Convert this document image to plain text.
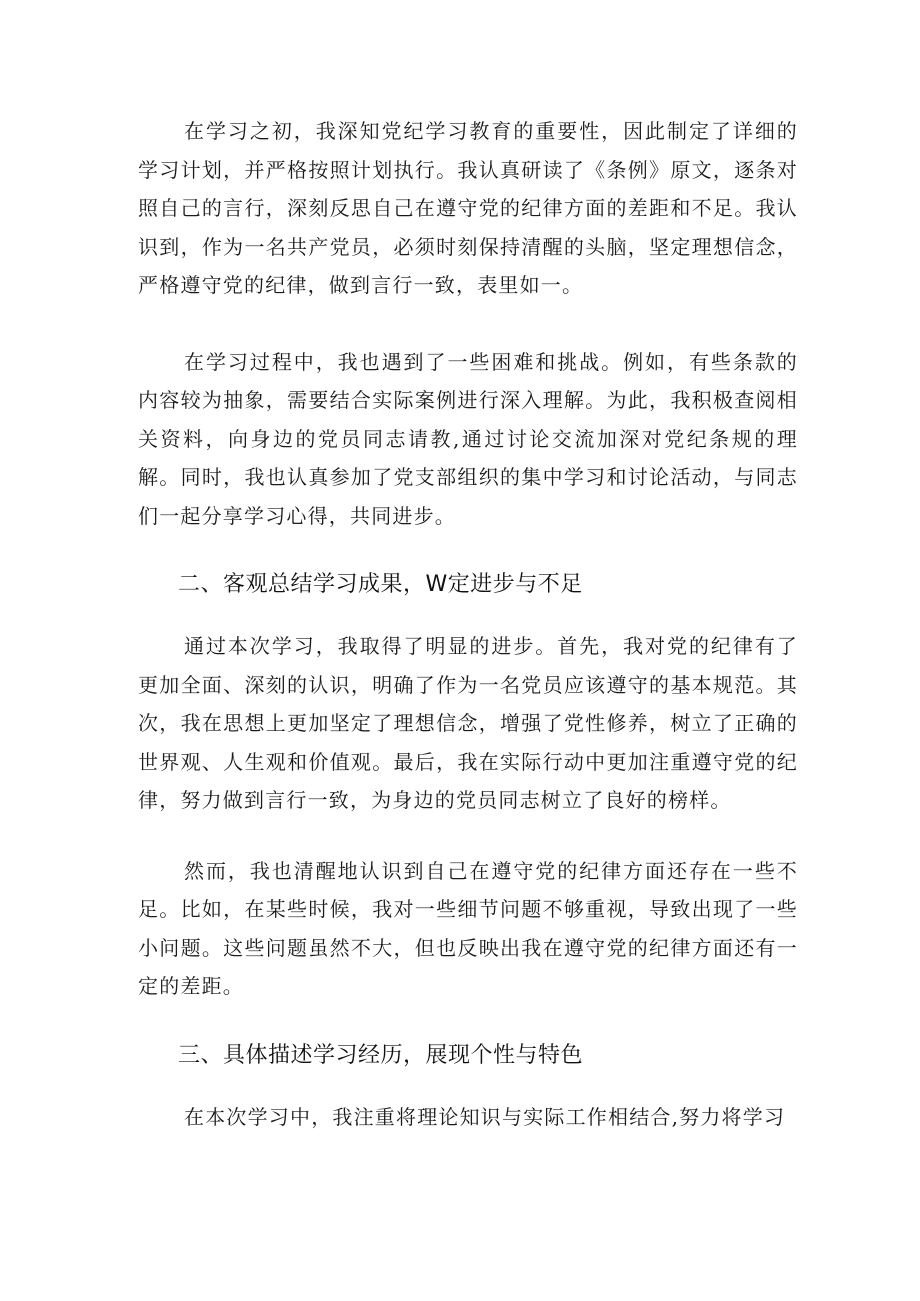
在学习之初，我深知党纪学习教育的重要性，因此制定了详细的学习计划，并严格按照计划执行。我认真研读了《条例》原文，逐条对照自己的言行，深刻反思自己在遵守党的纪律方面的差距和不足。我认识到，作为一名共产党员，必须时刻保持清醒的头脑，坚定理想信念，严格遵守党的纪律，做到言行一致，表里如一。

在学习过程中，我也遇到了一些困难和挑战。例如，有些条款的内容较为抽象，需要结合实际案例进行深入理解。为此，我积极查阅相关资料，向身边的党员同志请教,通过讨论交流加深对党纪条规的理解。同时，我也认真参加了党支部组织的集中学习和讨论活动，与同志们一起分享学习心得，共同进步。

二、客观总结学习成果，W定进步与不足

通过本次学习，我取得了明显的进步。首先，我对党的纪律有了更加全面、深刻的认识，明确了作为一名党员应该遵守的基本规范。其次，我在思想上更加坚定了理想信念，增强了党性修养，树立了正确的世界观、人生观和价值观。最后，我在实际行动中更加注重遵守党的纪律，努力做到言行一致，为身边的党员同志树立了良好的榜样。

然而，我也清醒地认识到自己在遵守党的纪律方面还存在一些不足。比如，在某些时候，我对一些细节问题不够重视，导致出现了一些小问题。这些问题虽然不大，但也反映出我在遵守党的纪律方面还有一定的差距。

三、具体描述学习经历，展现个性与特色

在本次学习中，我注重将理论知识与实际工作相结合,努力将学习
